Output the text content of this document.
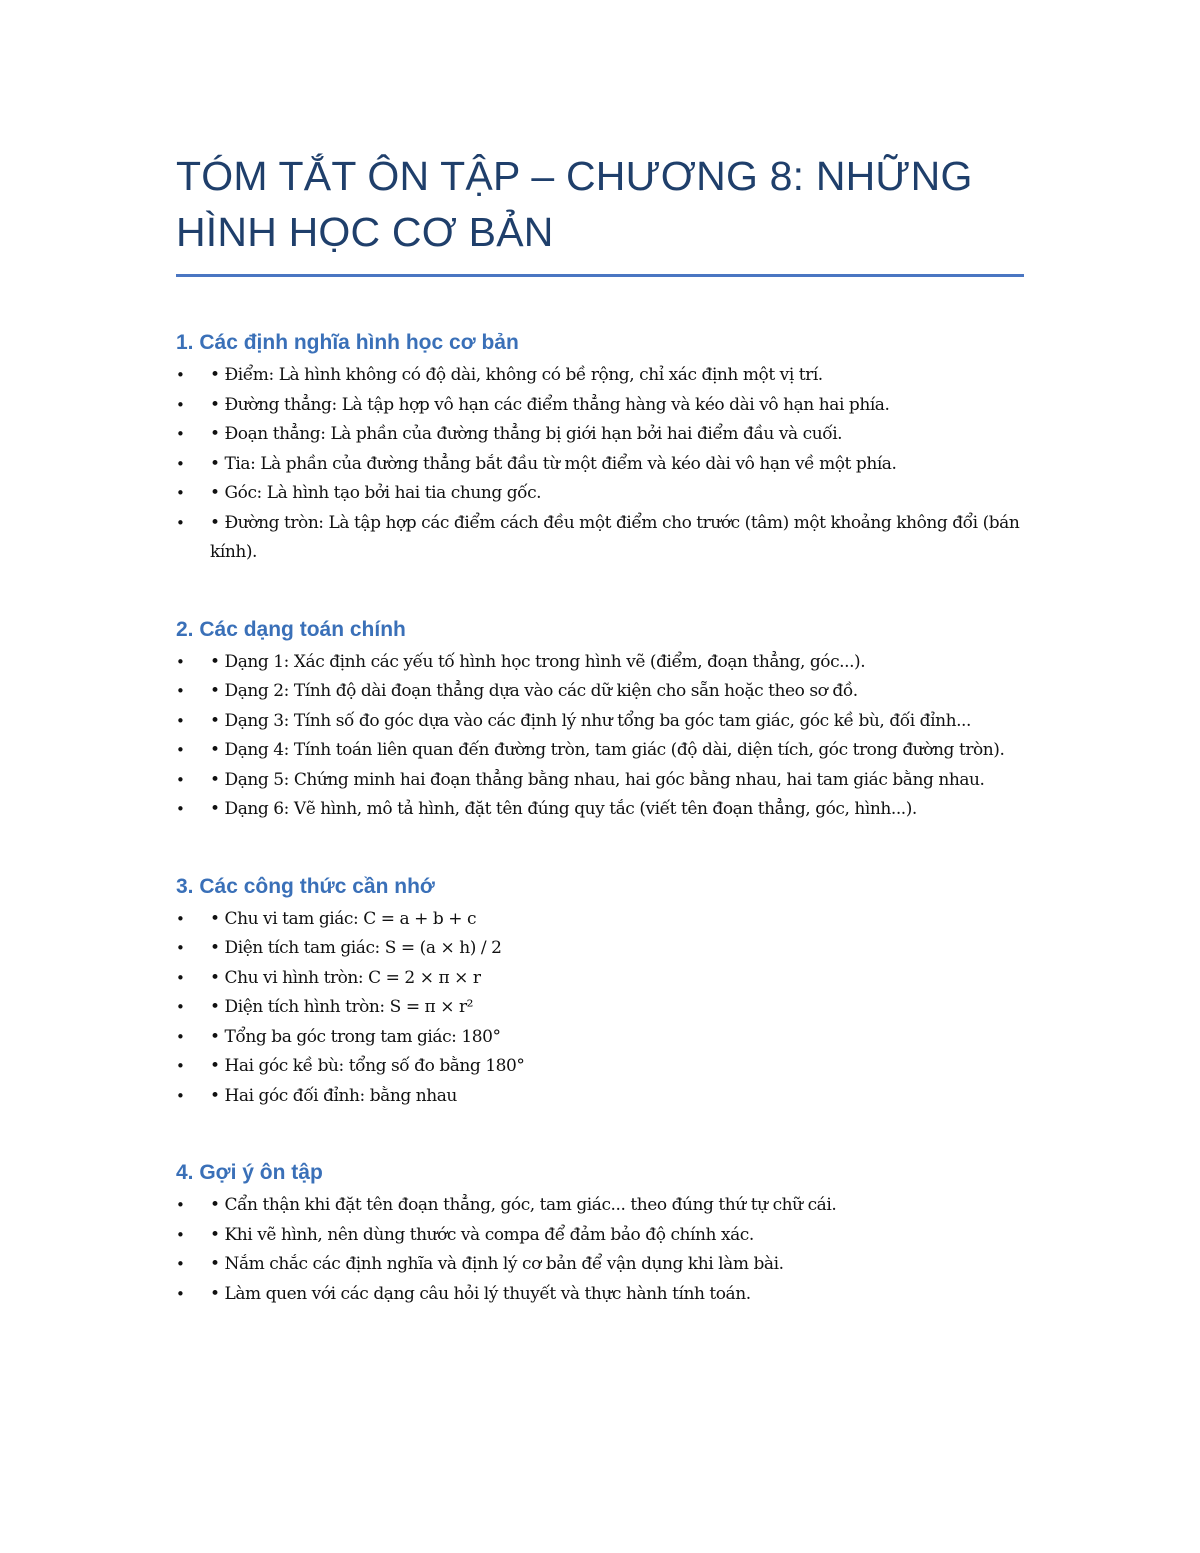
TÓM TẮT ÔN TẬP – CHƯƠNG 8: NHỮNG
HÌNH HỌC CƠ BẢN
1. Các định nghĩa hình học cơ bản
• • Điểm: Là hình không có độ dài, không có bề rộng, chỉ xác định một vị trí.
• • Đường thẳng: Là tập hợp vô hạn các điểm thẳng hàng và kéo dài vô hạn hai phía.
• • Đoạn thẳng: Là phần của đường thẳng bị giới hạn bởi hai điểm đầu và cuối.
• • Tia: Là phần của đường thẳng bắt đầu từ một điểm và kéo dài vô hạn về một phía.
• • Góc: Là hình tạo bởi hai tia chung gốc.
• • Đường tròn: Là tập hợp các điểm cách đều một điểm cho trước (tâm) một khoảng không đổi (bán kính).
2. Các dạng toán chính
• • Dạng 1: Xác định các yếu tố hình học trong hình vẽ (điểm, đoạn thẳng, góc...).
• • Dạng 2: Tính độ dài đoạn thẳng dựa vào các dữ kiện cho sẵn hoặc theo sơ đồ.
• • Dạng 3: Tính số đo góc dựa vào các định lý như tổng ba góc tam giác, góc kề bù, đối đỉnh...
• • Dạng 4: Tính toán liên quan đến đường tròn, tam giác (độ dài, diện tích, góc trong đường tròn).
• • Dạng 5: Chứng minh hai đoạn thẳng bằng nhau, hai góc bằng nhau, hai tam giác bằng nhau.
• • Dạng 6: Vẽ hình, mô tả hình, đặt tên đúng quy tắc (viết tên đoạn thẳng, góc, hình...).
3. Các công thức cần nhớ
• • Chu vi tam giác: C = a + b + c
• • Diện tích tam giác: S = (a × h) / 2
• • Chu vi hình tròn: C = 2 × π × r
• • Diện tích hình tròn: S = π × r²
• • Tổng ba góc trong tam giác: 180°
• • Hai góc kề bù: tổng số đo bằng 180°
• • Hai góc đối đỉnh: bằng nhau
4. Gợi ý ôn tập
• • Cẩn thận khi đặt tên đoạn thẳng, góc, tam giác... theo đúng thứ tự chữ cái.
• • Khi vẽ hình, nên dùng thước và compa để đảm bảo độ chính xác.
• • Nắm chắc các định nghĩa và định lý cơ bản để vận dụng khi làm bài.
• • Làm quen với các dạng câu hỏi lý thuyết và thực hành tính toán.
